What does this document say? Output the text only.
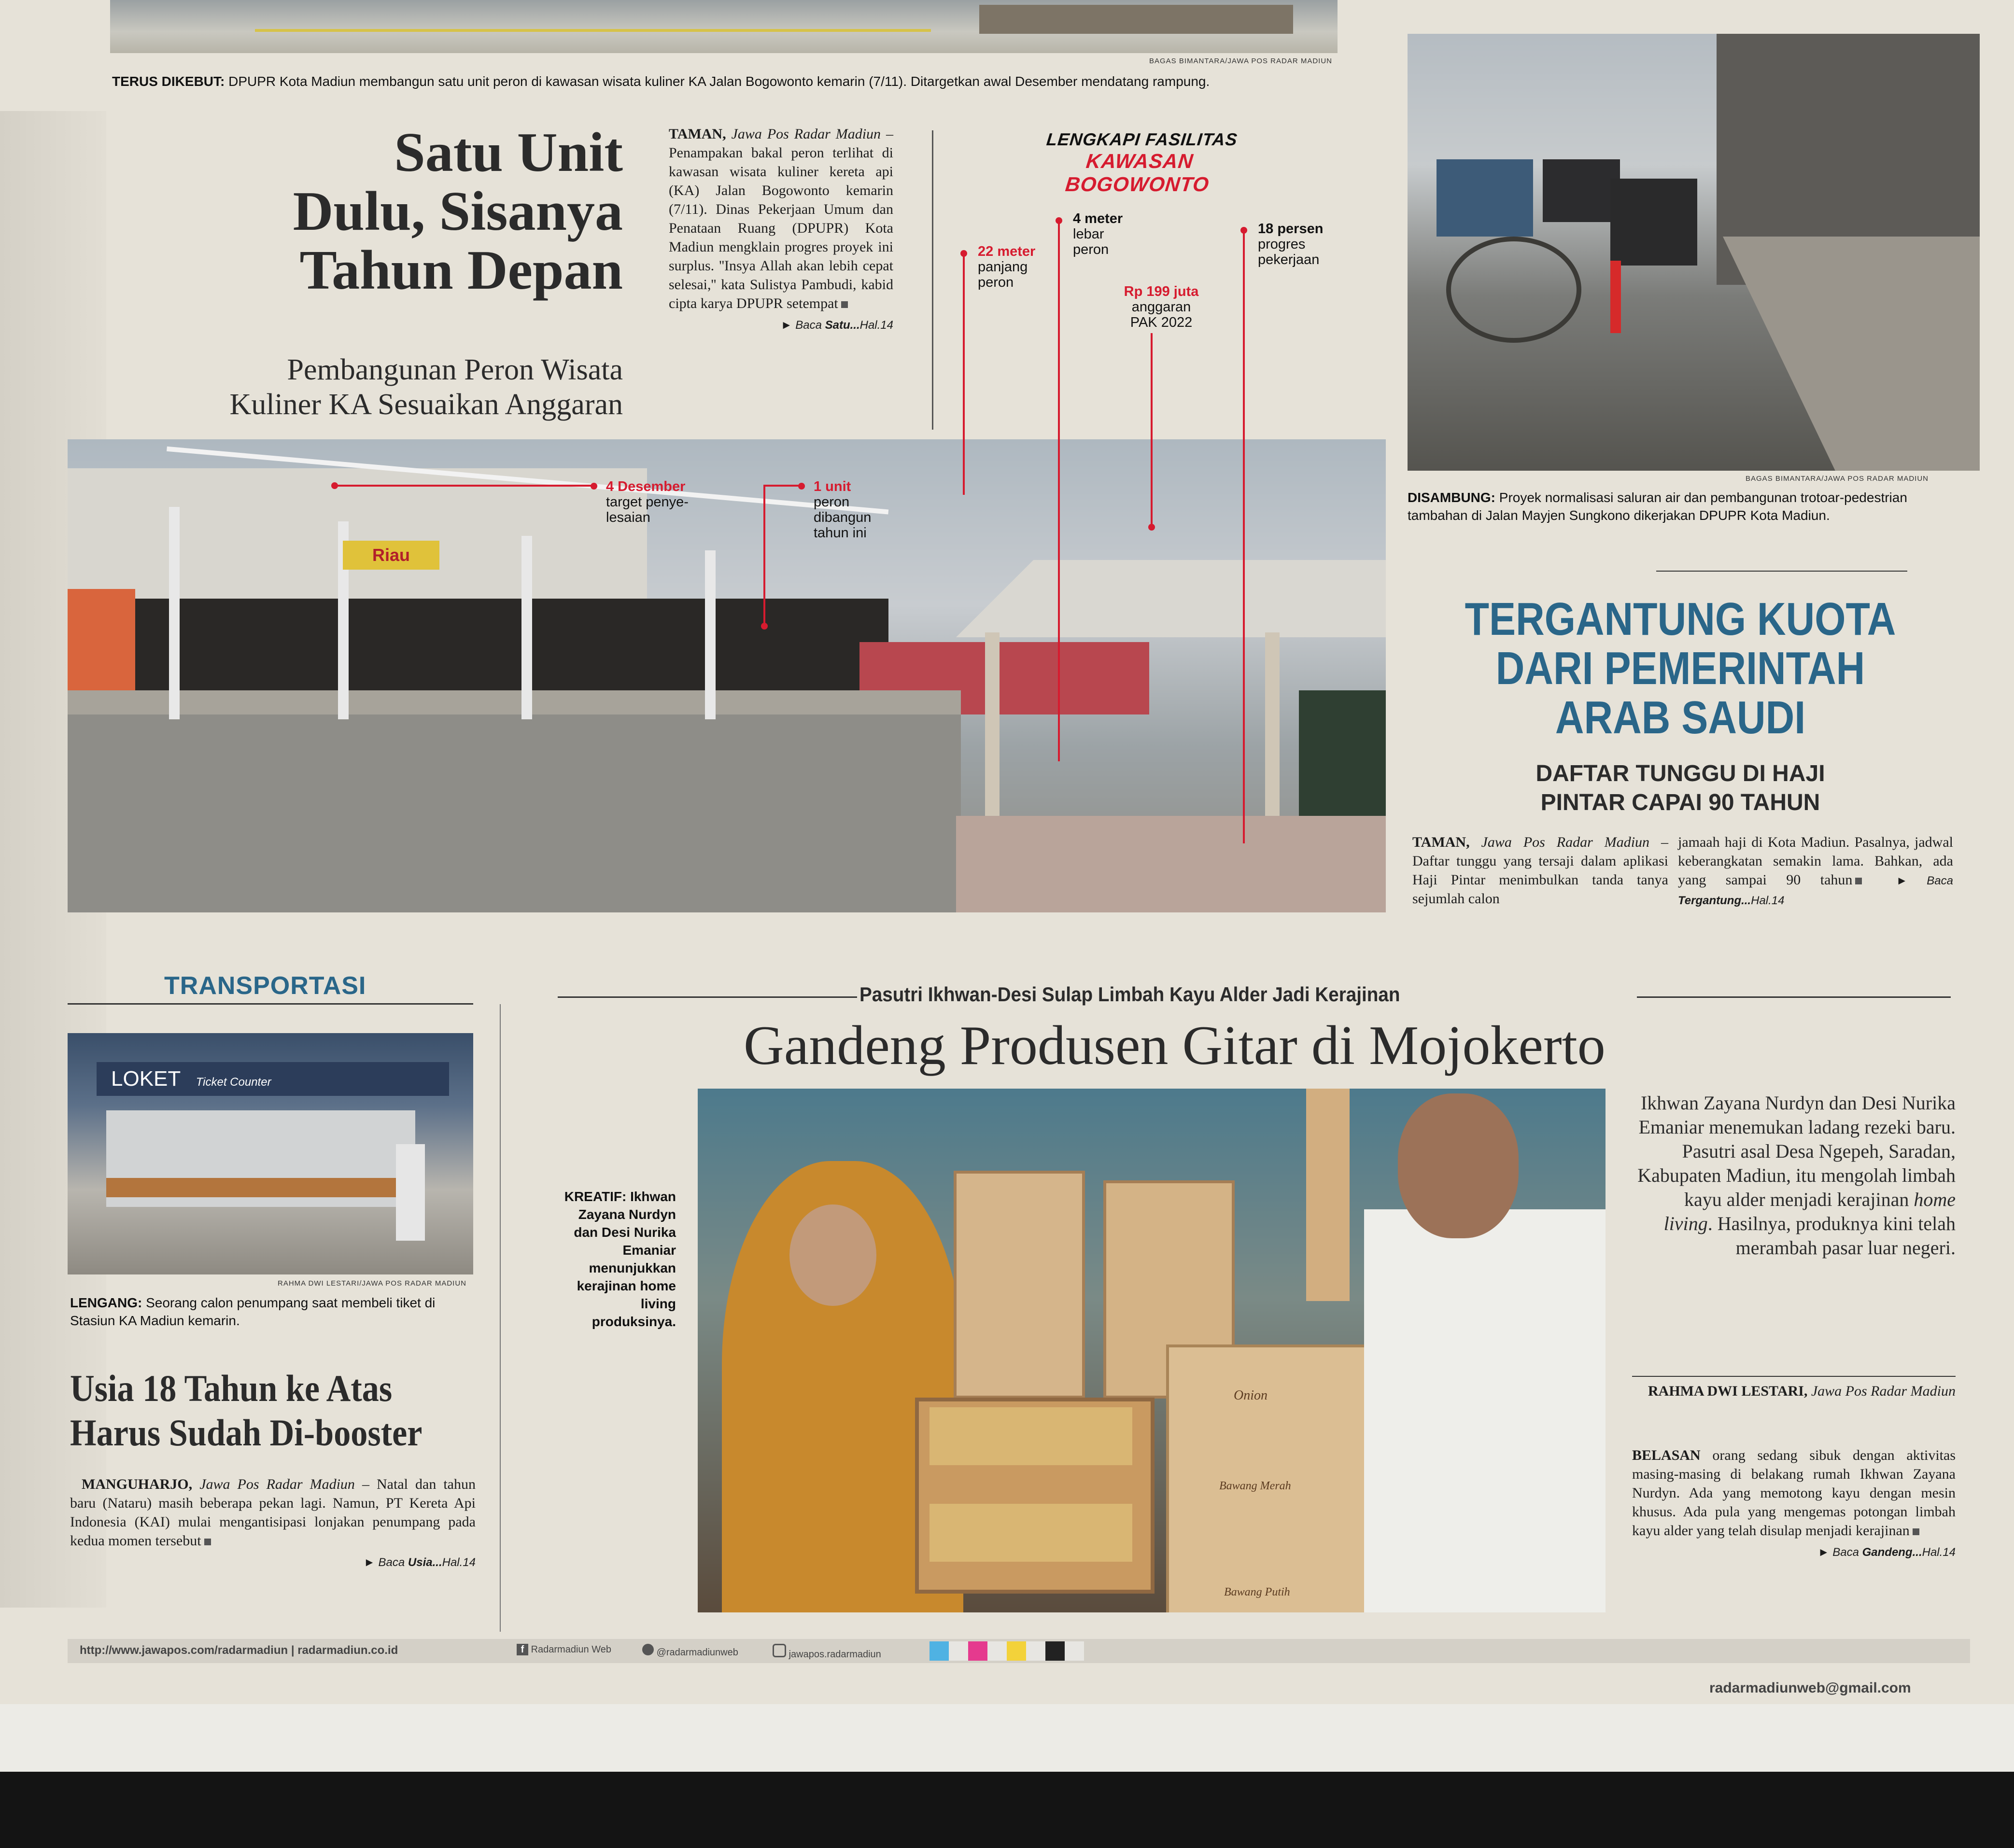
BAGAS BIMANTARA/JAWA POS RADAR MADIUN
TERUS DIKEBUT: DPUPR Kota Madiun membangun satu unit peron di kawasan wisata kuliner KA Jalan Bogowonto kemarin (7/11). Ditargetkan awal Desember mendatang rampung.
Satu Unit
Dulu, Sisanya
Tahun Depan
Pembangunan Peron Wisata
Kuliner KA Sesuaikan Anggaran
TAMAN, Jawa Pos Radar Madiun – Penampakan bakal peron terlihat di kawasan wisata kuliner kereta api (KA) Jalan Bogowonto kemarin (7/11). Dinas Pekerjaan Umum dan Penataan Ruang (DPUPR) Kota Madiun mengklain progres proyek ini surplus. ''Insya Allah akan lebih cepat selesai,'' kata Sulistya Pambudi, kabid cipta karya DPUPR setempat
► Baca Satu...Hal.14
Riau
LENGKAPI FASILITAS
KAWASAN BOGOWONTO
22 meter
panjang
peron
4 meter
lebar
peron
18 persen
progres
pekerjaan
Rp 199 juta
anggaran
PAK 2022
4 Desember
target penye-
lesaian
1 unit
peron
dibangun
tahun ini
BAGAS BIMANTARA/JAWA POS RADAR MADIUN
DISAMBUNG: Proyek normalisasi saluran air dan pembangunan trotoar-pedestrian tambahan di Jalan Mayjen Sungkono dikerjakan DPUPR Kota Madiun.
TERGANTUNG KUOTA
DARI PEMERINTAH
ARAB SAUDI
DAFTAR TUNGGU DI HAJI
PINTAR CAPAI 90 TAHUN
TAMAN, Jawa Pos Radar Madiun – Daftar tunggu yang tersaji dalam aplikasi Haji Pintar menimbulkan tanda tanya sejumlah calon
jamaah haji di Kota Madiun. Pasalnya, jadwal keberangkatan semakin lama. Bahkan, ada yang sampai 90 tahun	► Baca Tergantung...Hal.14
TRANSPORTASI
LOKET Ticket Counter
RAHMA DWI LESTARI/JAWA POS RADAR MADIUN
LENGANG: Seorang calon penumpang saat membeli tiket di Stasiun KA Madiun kemarin.
Usia 18 Tahun ke Atas
Harus Sudah Di-booster
MANGUHARJO, Jawa Pos Radar Madiun – Natal dan tahun baru (Nataru) masih beberapa pekan lagi. Namun, PT Kereta Api Indonesia (KAI) mulai mengantisipasi lonjakan penumpang pada kedua momen tersebut
► Baca Usia...Hal.14
Pasutri Ikhwan-Desi Sulap Limbah Kayu Alder Jadi Kerajinan
Gandeng Produsen Gitar di Mojokerto
KREATIF: Ikhwan Zayana Nurdyn dan Desi Nurika Emaniar menunjukkan kerajinan home living produksinya.
Onion
Bawang Merah
Bawang Putih
Ikhwan Zayana Nurdyn dan Desi Nurika Emaniar menemukan ladang rezeki baru. Pasutri asal Desa Ngepeh, Saradan, Kabupaten Madiun, itu mengolah limbah kayu alder menjadi kerajinan home living. Hasilnya, produknya kini telah merambah pasar luar negeri.
RAHMA DWI LESTARI, Jawa Pos Radar Madiun
BELASAN orang sedang sibuk dengan aktivitas masing-masing di belakang rumah Ikhwan Zayana Nurdyn. Ada yang memotong kayu dengan mesin khusus. Ada pula yang mengemas potongan limbah kayu alder yang telah disulap menjadi kerajinan
► Baca Gandeng...Hal.14
http://www.jawapos.com/radarmadiun | radarmadiun.co.id	f Radarmadiun Web	@radarmadiunweb	jawapos.radarmadiun
radarmadiunweb@gmail.com
